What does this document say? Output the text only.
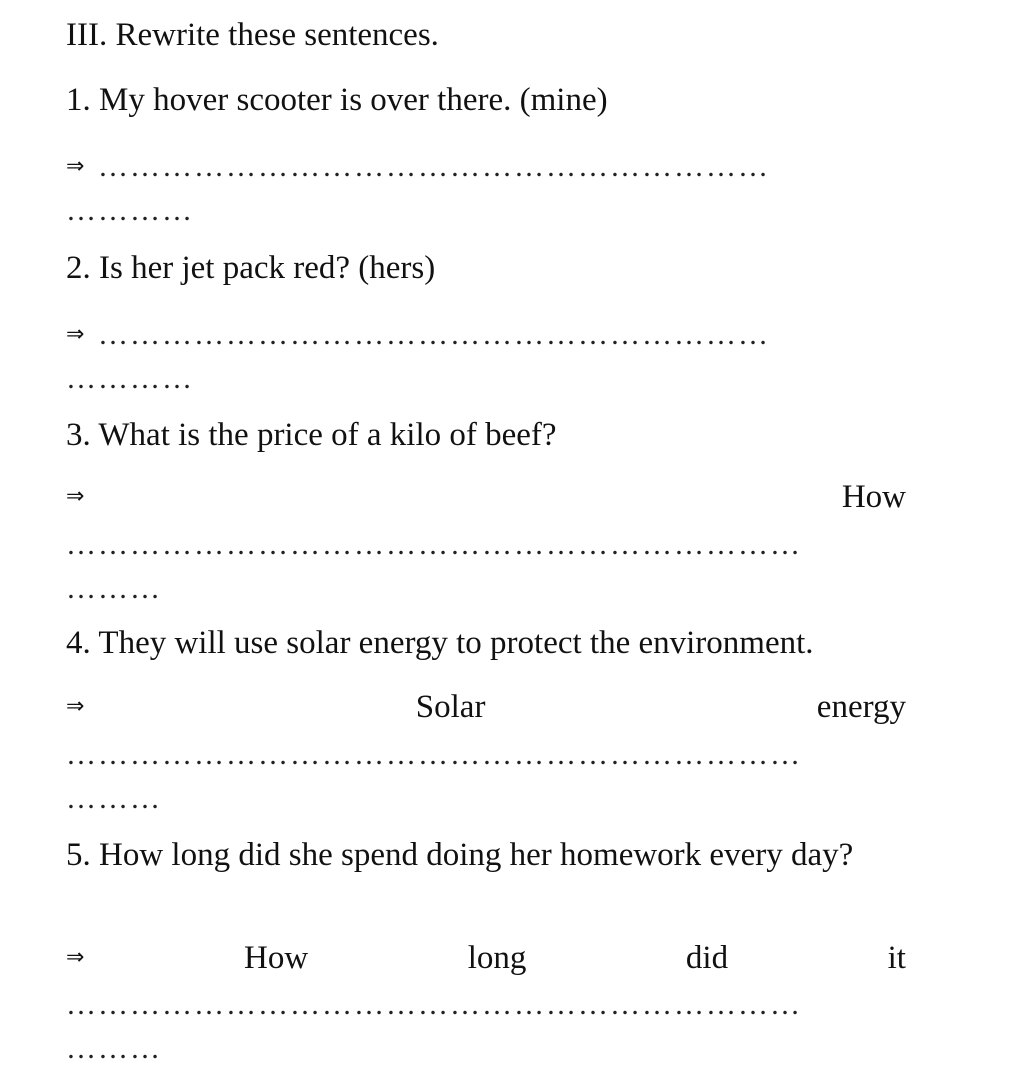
III. Rewrite these sentences.
1. My hover scooter is over there. (mine)
⇒ ………………………………………………………
…………
2. Is her jet pack red? (hers)
⇒ ………………………………………………………
…………
3. What is the price of a kilo of beef?
⇒	How
……………………………………………………………
………
4. They will use solar energy to protect the environment.
⇒	Solar	energy
……………………………………………………………
………
5. How long did she spend doing her homework every day?
⇒	How	long	did	it
……………………………………………………………
………
